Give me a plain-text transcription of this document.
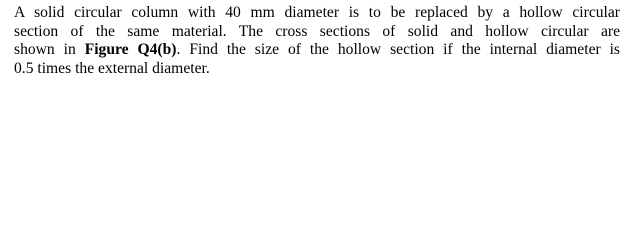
A solid circular column with 40 mm diameter is to be replaced by a hollow circular
section of the same material. The cross sections of solid and hollow circular are
shown in Figure Q4(b). Find the size of the hollow section if the internal diameter is
0.5 times the external diameter.
